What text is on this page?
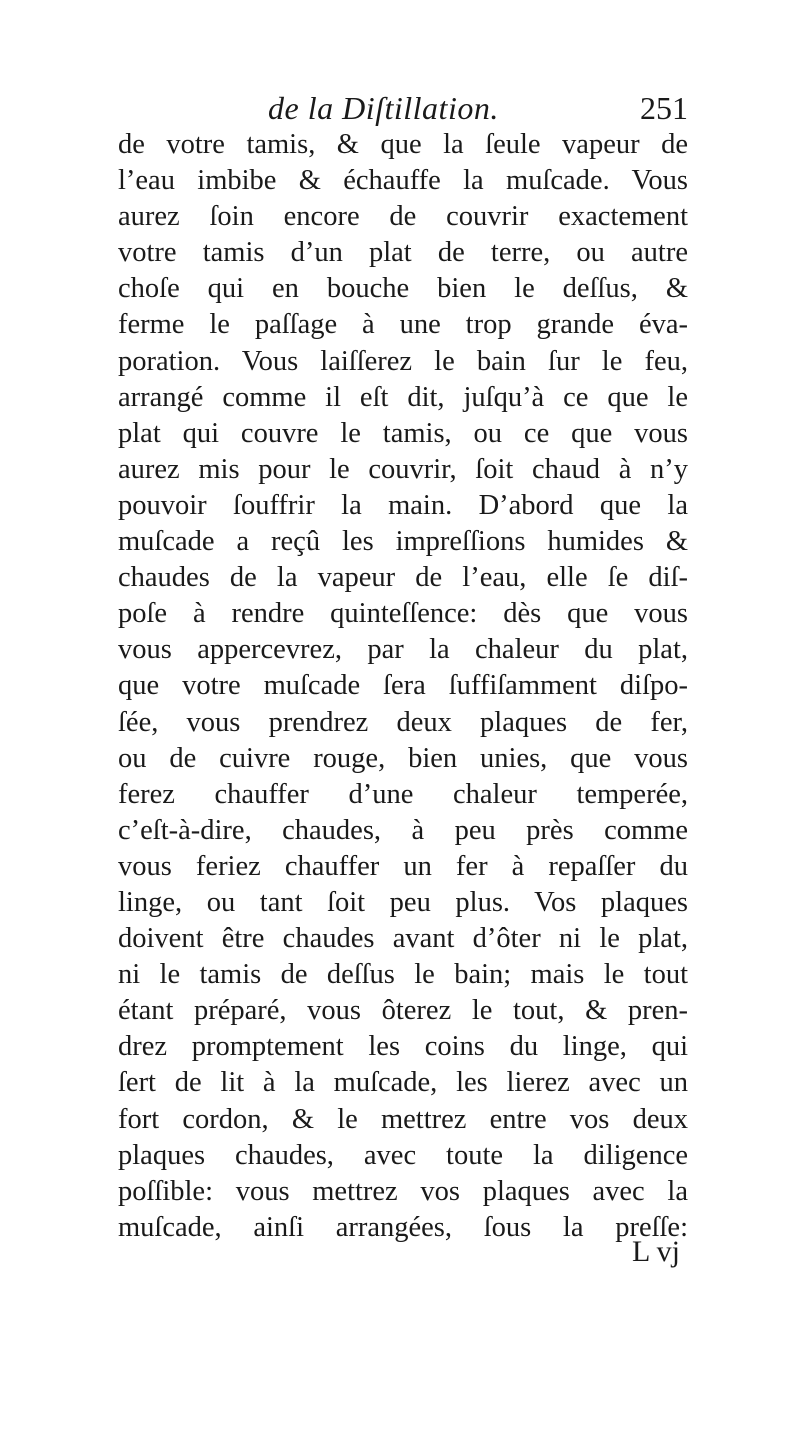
de la Diſtillation.	251
de votre tamis, & que la ſeule vapeur de
l’eau imbibe & échauffe la muſcade. Vous
aurez ſoin encore de couvrir exactement
votre tamis d’un plat de terre, ou autre
choſe qui en bouche bien le deſſus, &
ferme le paſſage à une trop grande éva-
poration. Vous laiſſerez le bain ſur le feu,
arrangé comme il eſt dit, juſqu’à ce que le
plat qui couvre le tamis, ou ce que vous
aurez mis pour le couvrir, ſoit chaud à n’y
pouvoir ſouffrir la main. D’abord que la
muſcade a reçû les impreſſions humides &
chaudes de la vapeur de l’eau, elle ſe diſ-
poſe à rendre quinteſſence: dès que vous
vous appercevrez, par la chaleur du plat,
que votre muſcade ſera ſuffiſamment diſpo-
ſée, vous prendrez deux plaques de fer,
ou de cuivre rouge, bien unies, que vous
ferez chauffer d’une chaleur temperée,
c’eſt-à-dire, chaudes, à peu près comme
vous feriez chauffer un fer à repaſſer du
linge, ou tant ſoit peu plus. Vos plaques
doivent être chaudes avant d’ôter ni le plat,
ni le tamis de deſſus le bain; mais le tout
étant préparé, vous ôterez le tout, & pren-
drez promptement les coins du linge, qui
ſert de lit à la muſcade, les lierez avec un
fort cordon, & le mettrez entre vos deux
plaques chaudes, avec toute la diligence
poſſible: vous mettrez vos plaques avec la
muſcade, ainſi arrangées, ſous la preſſe:
L vj
